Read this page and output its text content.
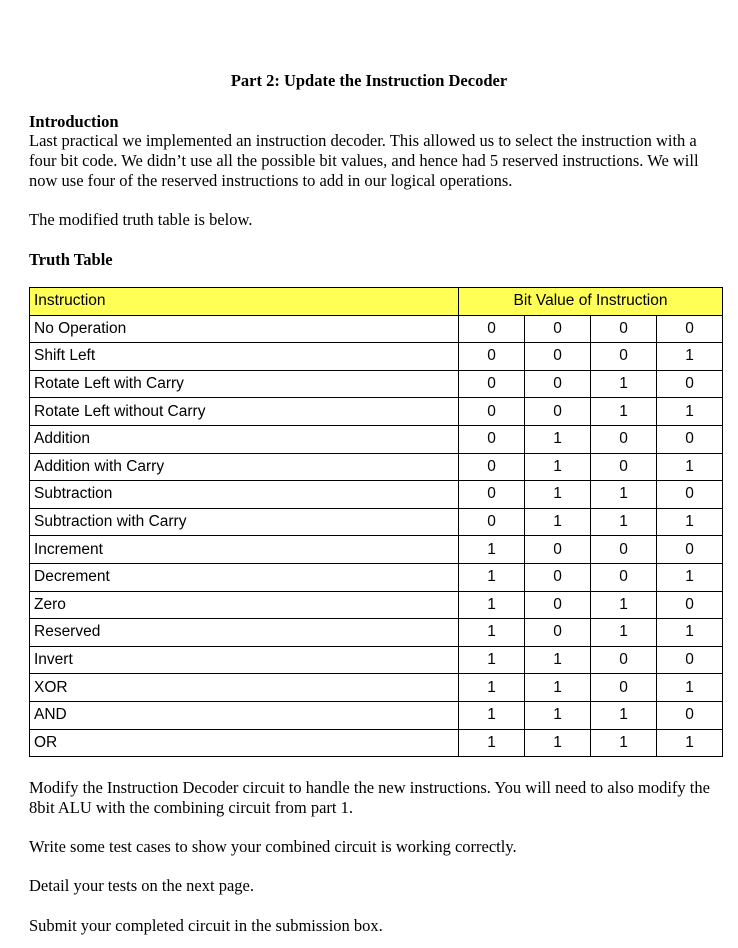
Part 2: Update the Instruction Decoder
Introduction

Last practical we implemented an instruction decoder. This allowed us to select the instruction with a four bit code. We didn’t use all the possible bit values, and hence had 5 reserved instructions. We will now use four of the reserved instructions to add in our logical operations.

The modified truth table is below.

Truth Table
Instruction	Bit Value of Instruction			
No Operation	0	0	0	0
Shift Left	0	0	0	1
Rotate Left with Carry	0	0	1	0
Rotate Left without Carry	0	0	1	1
Addition	0	1	0	0
Addition with Carry	0	1	0	1
Subtraction	0	1	1	0
Subtraction with Carry	0	1	1	1
Increment	1	0	0	0
Decrement	1	0	0	1
Zero	1	0	1	0
Reserved	1	0	1	1
Invert	1	1	0	0
XOR	1	1	0	1
AND	1	1	1	0
OR	1	1	1	1

Modify the Instruction Decoder circuit to handle the new instructions. You will need to also modify the 8bit ALU with the combining circuit from part 1.

Write some test cases to show your combined circuit is working correctly.

Detail your tests on the next page.

Submit your completed circuit in the submission box.
